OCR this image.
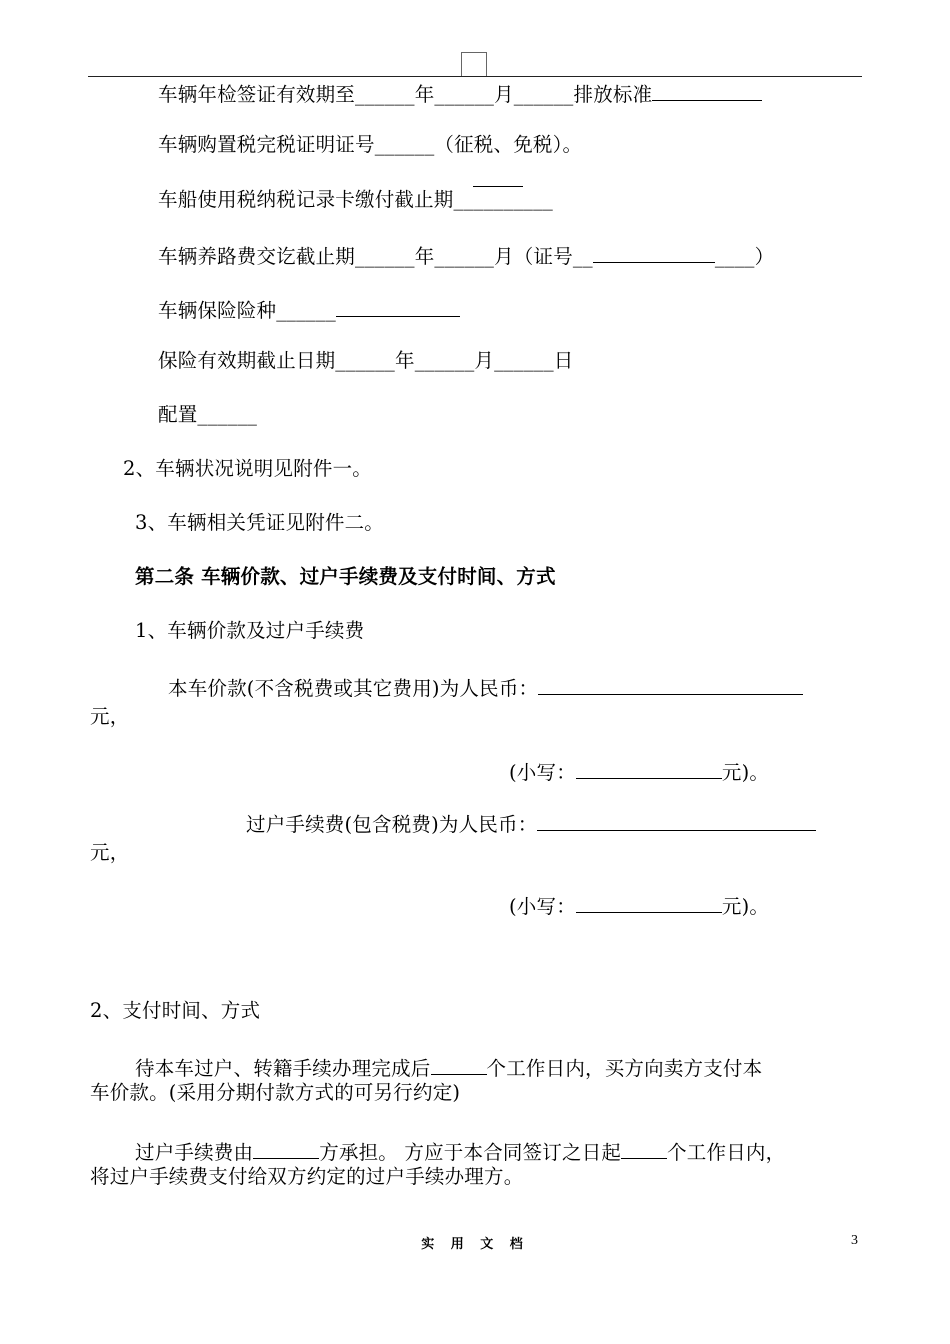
车辆年检签证有效期至______年______月______排放标准
车辆购置税完税证明证号______（征税、免税）。
车船使用税纳税记录卡缴付截止期__________
车辆养路费交讫截止期______年______月（证号__	____）
车辆保险险种______
保险有效期截止日期______年______月______日
配置______
2、车辆状况说明见附件一。
3、车辆相关凭证见附件二。
第二条 车辆价款、过户手续费及支付时间、方式
1、车辆价款及过户手续费
本车价款(不含税费或其它费用)为人民币：
元，
(小写：	元)。
过户手续费(包含税费)为人民币：
元，
(小写：	元)。
2、支付时间、方式
待本车过户、转籍手续办理完成后	个工作日内，买方向卖方支付本
车价款。(采用分期付款方式的可另行约定)
过户手续费由	方承担。 方应于本合同签订之日起 个工作日内，
将过户手续费支付给双方约定的过户手续办理方。
实 用 文 档	3
